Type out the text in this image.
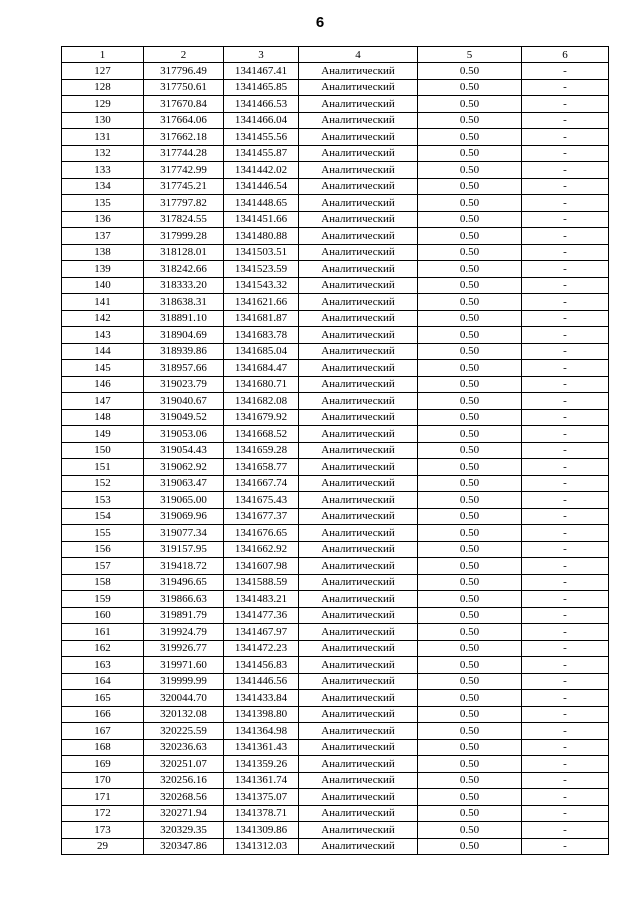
6
1	2	3	4	5	6
127	317796.49	1341467.41	Аналитический	0.50	-
128	317750.61	1341465.85	Аналитический	0.50	-
129	317670.84	1341466.53	Аналитический	0.50	-
130	317664.06	1341466.04	Аналитический	0.50	-
131	317662.18	1341455.56	Аналитический	0.50	-
132	317744.28	1341455.87	Аналитический	0.50	-
133	317742.99	1341442.02	Аналитический	0.50	-
134	317745.21	1341446.54	Аналитический	0.50	-
135	317797.82	1341448.65	Аналитический	0.50	-
136	317824.55	1341451.66	Аналитический	0.50	-
137	317999.28	1341480.88	Аналитический	0.50	-
138	318128.01	1341503.51	Аналитический	0.50	-
139	318242.66	1341523.59	Аналитический	0.50	-
140	318333.20	1341543.32	Аналитический	0.50	-
141	318638.31	1341621.66	Аналитический	0.50	-
142	318891.10	1341681.87	Аналитический	0.50	-
143	318904.69	1341683.78	Аналитический	0.50	-
144	318939.86	1341685.04	Аналитический	0.50	-
145	318957.66	1341684.47	Аналитический	0.50	-
146	319023.79	1341680.71	Аналитический	0.50	-
147	319040.67	1341682.08	Аналитический	0.50	-
148	319049.52	1341679.92	Аналитический	0.50	-
149	319053.06	1341668.52	Аналитический	0.50	-
150	319054.43	1341659.28	Аналитический	0.50	-
151	319062.92	1341658.77	Аналитический	0.50	-
152	319063.47	1341667.74	Аналитический	0.50	-
153	319065.00	1341675.43	Аналитический	0.50	-
154	319069.96	1341677.37	Аналитический	0.50	-
155	319077.34	1341676.65	Аналитический	0.50	-
156	319157.95	1341662.92	Аналитический	0.50	-
157	319418.72	1341607.98	Аналитический	0.50	-
158	319496.65	1341588.59	Аналитический	0.50	-
159	319866.63	1341483.21	Аналитический	0.50	-
160	319891.79	1341477.36	Аналитический	0.50	-
161	319924.79	1341467.97	Аналитический	0.50	-
162	319926.77	1341472.23	Аналитический	0.50	-
163	319971.60	1341456.83	Аналитический	0.50	-
164	319999.99	1341446.56	Аналитический	0.50	-
165	320044.70	1341433.84	Аналитический	0.50	-
166	320132.08	1341398.80	Аналитический	0.50	-
167	320225.59	1341364.98	Аналитический	0.50	-
168	320236.63	1341361.43	Аналитический	0.50	-
169	320251.07	1341359.26	Аналитический	0.50	-
170	320256.16	1341361.74	Аналитический	0.50	-
171	320268.56	1341375.07	Аналитический	0.50	-
172	320271.94	1341378.71	Аналитический	0.50	-
173	320329.35	1341309.86	Аналитический	0.50	-
29	320347.86	1341312.03	Аналитический	0.50	-
